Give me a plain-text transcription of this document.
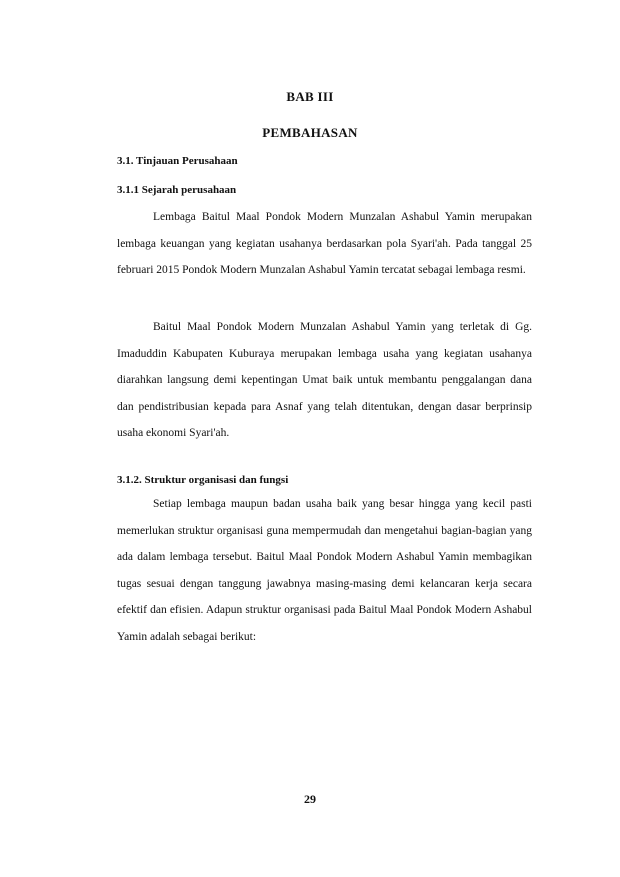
BAB III
PEMBAHASAN
3.1. Tinjauan Perusahaan
3.1.1 Sejarah perusahaan

Lembaga Baitul Maal Pondok Modern Munzalan Ashabul Yamin merupakan lembaga keuangan yang kegiatan usahanya berdasarkan pola Syari'ah. Pada tanggal 25 februari 2015 Pondok Modern Munzalan Ashabul Yamin tercatat sebagai lembaga resmi.

Baitul Maal Pondok Modern Munzalan Ashabul Yamin yang terletak di Gg. Imaduddin Kabupaten Kuburaya merupakan lembaga usaha yang kegiatan usahanya diarahkan langsung demi kepentingan Umat baik untuk membantu penggalangan dana dan pendistribusian kepada para Asnaf yang telah ditentukan, dengan dasar berprinsip usaha ekonomi Syari'ah.

3.1.2. Struktur organisasi dan fungsi

Setiap lembaga maupun badan usaha baik yang besar hingga yang kecil pasti memerlukan struktur organisasi guna mempermudah dan mengetahui bagian-bagian yang ada dalam lembaga tersebut. Baitul Maal Pondok Modern Ashabul Yamin membagikan tugas sesuai dengan tanggung jawabnya masing-masing demi kelancaran kerja secara efektif dan efisien. Adapun struktur organisasi pada Baitul Maal Pondok Modern Ashabul Yamin adalah sebagai berikut:

29
